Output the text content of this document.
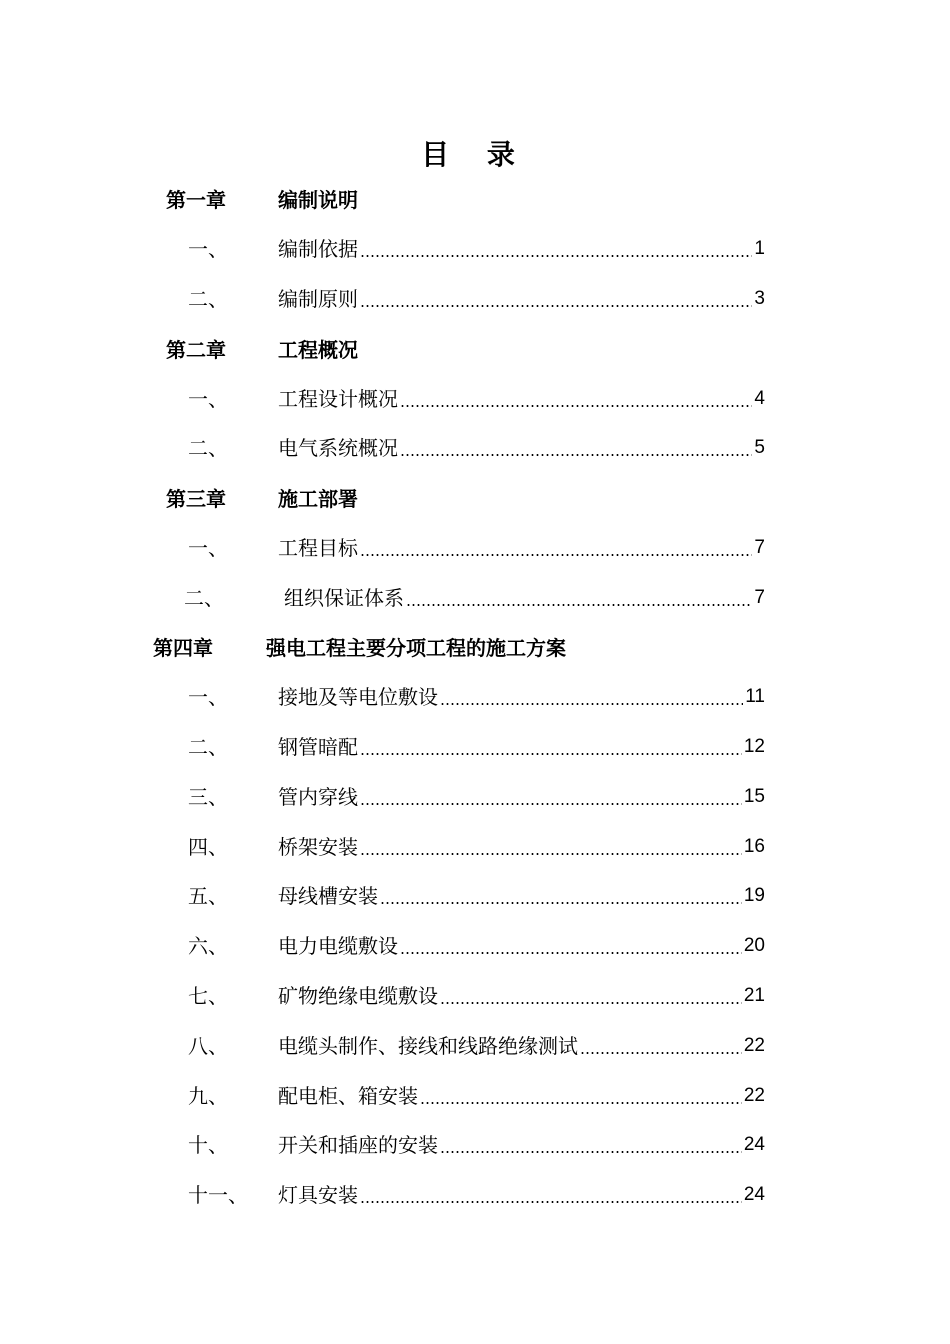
目 录
第一章	编制说明
一、	编制依据	1
二、	编制原则	3
第二章	工程概况
一、	工程设计概况	4
二、	电气系统概况	5
第三章	施工部署
一、	工程目标	7
二、	组织保证体系	7
第四章	强电工程主要分项工程的施工方案
一、	接地及等电位敷设	11
二、	钢管暗配	12
三、	管内穿线	15
四、	桥架安装	16
五、	母线槽安装	19
六、	电力电缆敷设	20
七、	矿物绝缘电缆敷设	21
八、	电缆头制作、接线和线路绝缘测试	22
九、	配电柜、箱安装	22
十、	开关和插座的安装	24
十一、 灯具安装	24
